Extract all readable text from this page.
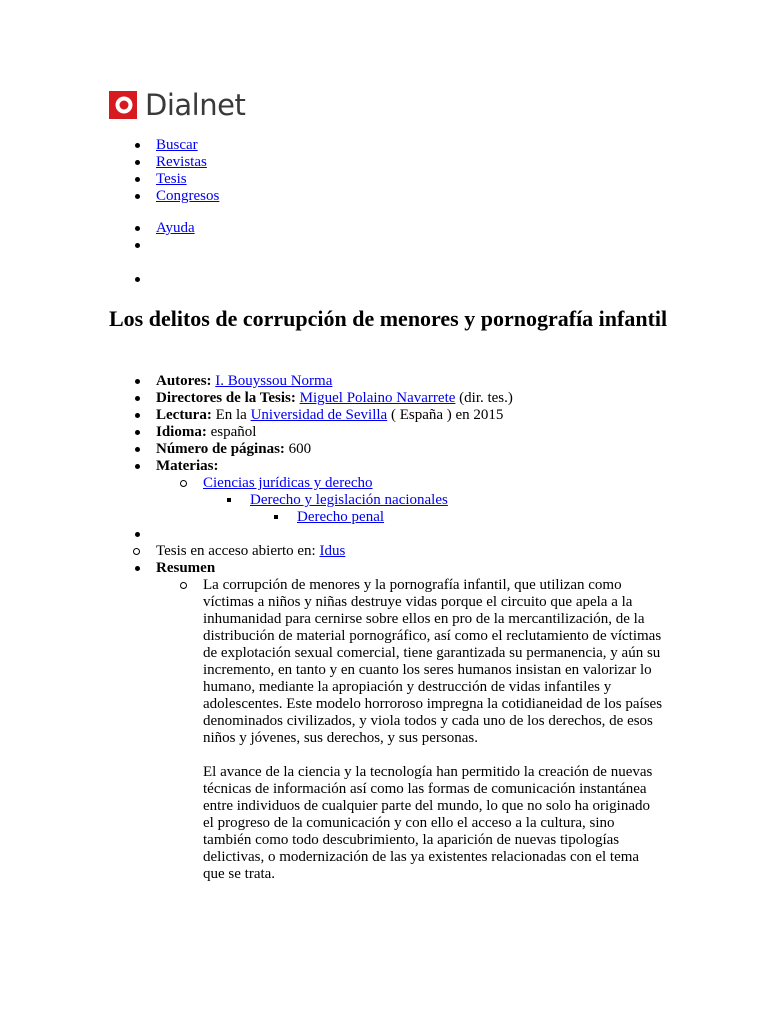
Dialnet
Buscar
Revistas
Tesis
Congresos
Ayuda
Los delitos de corrupción de menores y pornografía infantil
Autores: I. Bouyssou Norma
Directores de la Tesis: Miguel Polaino Navarrete (dir. tes.)
Lectura: En la Universidad de Sevilla ( España ) en 2015
Idioma: español
Número de páginas: 600
Materias:
Ciencias jurídicas y derecho
Derecho y legislación nacionales
Derecho penal
Tesis en acceso abierto en: Idus
Resumen

La corrupción de menores y la pornografía infantil, que utilizan como víctimas a niños y niñas destruye vidas porque el circuito que apela a la inhumanidad para cernirse sobre ellos en pro de la mercantilización, de la distribución de material pornográfico, así como el reclutamiento de víctimas de explotación sexual comercial, tiene garantizada su permanencia, y aún su incremento, en tanto y en cuanto los seres humanos insistan en valorizar lo humano, mediante la apropiación y destrucción de vidas infantiles y adolescentes. Este modelo horroroso impregna la cotidianeidad de los países denominados civilizados, y viola todos y cada uno de los derechos, de esos niños y jóvenes, sus derechos, y sus personas.

El avance de la ciencia y la tecnología han permitido la creación de nuevas técnicas de información así como las formas de comunicación instantánea entre individuos de cualquier parte del mundo, lo que no solo ha originado el progreso de la comunicación y con ello el acceso a la cultura, sino también como todo descubrimiento, la aparición de nuevas tipologías delictivas, o modernización de las ya existentes relacionadas con el tema que se trata.
